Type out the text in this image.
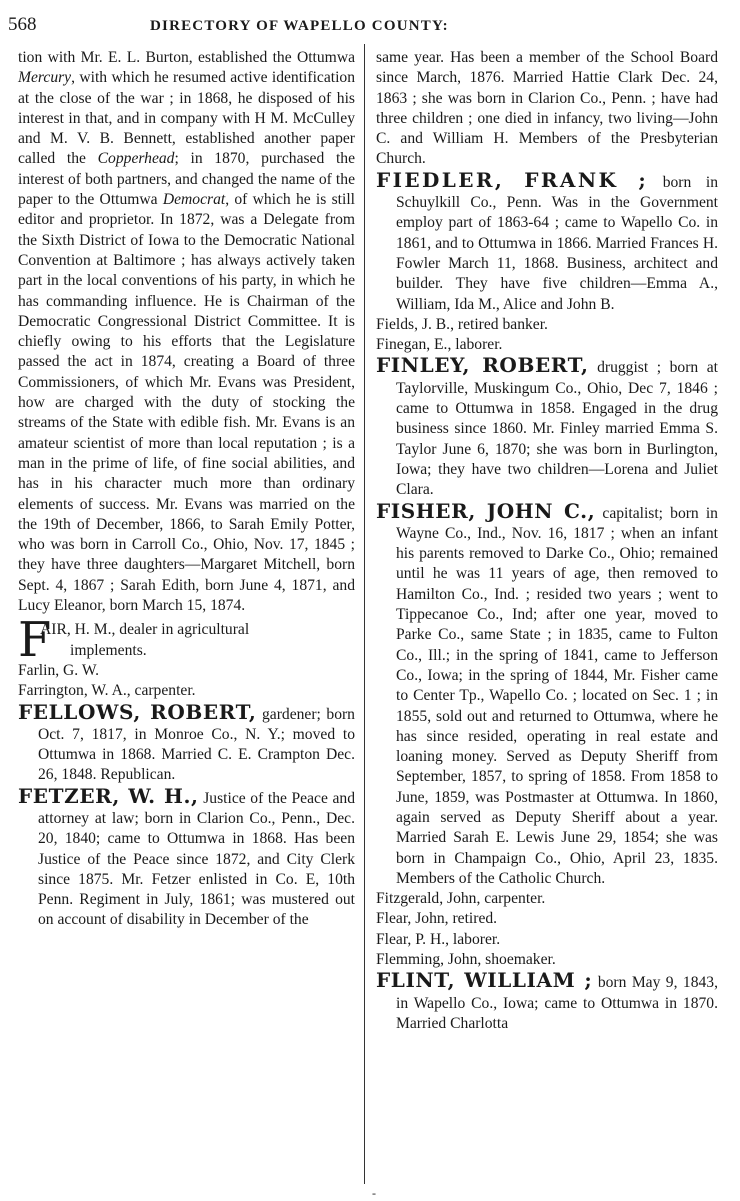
568	DIRECTORY OF WAPELLO COUNTY:

tion with Mr. E. L. Burton, established the Ottumwa Mercury, with which he resumed active identification at the close of the war ; in 1868, he disposed of his interest in that, and in company with H M. McCulley and M. V. B. Bennett, established another paper called the Copperhead; in 1870, purchased the interest of both partners, and changed the name of the paper to the Ottumwa Democrat, of which he is still editor and proprietor. In 1872, was a Delegate from the Sixth District of Iowa to the Democratic National Convention at Baltimore ; has always actively taken part in the local conventions of his party, in which he has commanding influence. He is Chairman of the Democratic Congressional District Committee. It is chiefly owing to his efforts that the Legislature passed the act in 1874, creating a Board of three Commissioners, of which Mr. Evans was President, how are charged with the duty of stocking the streams of the State with edible fish. Mr. Evans is an amateur scientist of more than local reputation ; is a man in the prime of life, of fine social abilities, and has in his character much more than ordinary elements of success. Mr. Evans was married on the the 19th of December, 1866, to Sarah Emily Potter, who was born in Carroll Co., Ohio, Nov. 17, 1845 ; they have three daughters—Margaret Mitchell, born Sept. 4, 1867 ; Sarah Edith, born June 4, 1871, and Lucy Eleanor, born March 15, 1874.

F
AIR, H. M., dealer in agricultural
implements.

Farlin, G. W.

Farrington, W. A., carpenter.

FELLOWS, ROBERT, gardener; born Oct. 7, 1817, in Monroe Co., N. Y.; moved to Ottumwa in 1868. Married C. E. Crampton Dec. 26, 1848. Republican.

FETZER, W. H., Justice of the Peace and attorney at law; born in Clarion Co., Penn., Dec. 20, 1840; came to Ottumwa in 1868. Has been Justice of the Peace since 1872, and City Clerk since 1875. Mr. Fetzer enlisted in Co. E, 10th Penn. Regiment in July, 1861; was mustered out on account of disability in December of the

same year. Has been a member of the School Board since March, 1876. Married Hattie Clark Dec. 24, 1863 ; she was born in Clarion Co., Penn. ; have had three children ; one died in infancy, two living—John C. and William H. Members of the Presbyterian Church.

FIEDLER, FRANK ; born in Schuylkill Co., Penn. Was in the Government employ part of 1863-64 ; came to Wapello Co. in 1861, and to Ottumwa in 1866. Married Frances H. Fowler March 11, 1868. Business, architect and builder. They have five children—Emma A., William, Ida M., Alice and John B.

Fields, J. B., retired banker.

Finegan, E., laborer.

FINLEY, ROBERT, druggist ; born at Taylorville, Muskingum Co., Ohio, Dec 7, 1846 ; came to Ottumwa in 1858. Engaged in the drug business since 1860. Mr. Finley married Emma S. Taylor June 6, 1870; she was born in Burlington, Iowa; they have two children—Lorena and Juliet Clara.

FISHER, JOHN C., capitalist; born in Wayne Co., Ind., Nov. 16, 1817 ; when an infant his parents removed to Darke Co., Ohio; remained until he was 11 years of age, then removed to Hamilton Co., Ind. ; resided two years ; went to Tippecanoe Co., Ind; after one year, moved to Parke Co., same State ; in 1835, came to Fulton Co., Ill.; in the spring of 1841, came to Jefferson Co., Iowa; in the spring of 1844, Mr. Fisher came to Center Tp., Wapello Co. ; located on Sec. 1 ; in 1855, sold out and returned to Ottumwa, where he has since resided, operating in real estate and loaning money. Served as Deputy Sheriff from September, 1857, to spring of 1858. From 1858 to June, 1859, was Postmaster at Ottumwa. In 1860, again served as Deputy Sheriff about a year. Married Sarah E. Lewis June 29, 1854; she was born in Champaign Co., Ohio, April 23, 1835. Members of the Catholic Church.

Fitzgerald, John, carpenter.

Flear, John, retired.

Flear, P. H., laborer.

Flemming, John, shoemaker.

FLINT, WILLIAM ; born May 9, 1843, in Wapello Co., Iowa; came to Ottumwa in 1870. Married Charlotta

-
